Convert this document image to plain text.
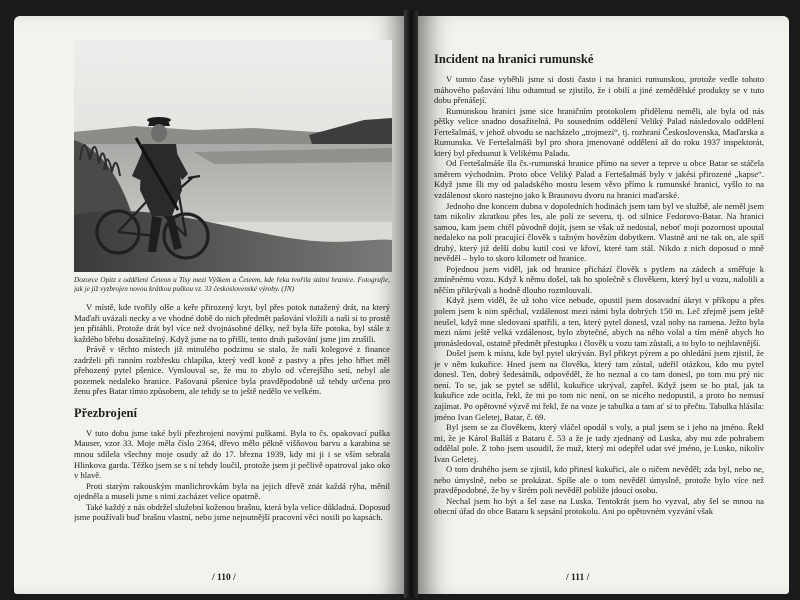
Dozorce Opitz z oddělení Četeon u Tisy mezi Výškem a Četeem, kde řeka tvořila státní hranice. Fotografie, jak je již vyzbrojen novou krátkou puškou vz. 33 československé výroby. (JN)

V místě, kde tvořily olše a keře přirozený kryt, byl přes potok natažený drát, na který Maďaři uvázali necky a ve vhodné době do nich předmět pašování vložili a naši si to prostě jen přitáhli. Protože drát byl více než dvojnásobné délky, než byla šíře potoka, byl stále z každého břehu dosažitelný. Když jsme na to přišli, tento druh pašování jsme jim zrušili.

Právě v těchto místech již minulého podzimu se stalo, že naši kolegové z finance zadrželi při ranním rozbřesku chlapíka, který vedl koně z pastvy a přes jeho hřbet měl přehozený pytel pšenice. Vymlouval se, že mu to zbylo od včerejšího setí, nebyl ale pozemek nedaleko hranice. Pašovaná pšenice byla pravděpodobně už tehdy určena pro ženu přes Batar tímto způsobem, ale tehdy se to ještě nedělo ve velkém.

Přezbrojení

V tuto dobu jsme také byli přezbrojeni novými puškami. Byla to čs. opakovací puška Mauser, vzor 33. Moje měla číslo 2364, dřevo mělo pěkně višňovou barvu a karabina se mnou sdílela všechny moje osudy až do 17. března 1939, kdy mi ji i se vším sebrala Hlinkova garda. Těžko jsem se s ní tehdy loučil, protože jsem ji pečlivě opatroval jako oko v hlavě.

Proti starým rakouským manlichrovkám byla na jejich dřevě znát každá rýha, měnil ojedněla a museli jsme s nimi zacházet velice opatrně.

Také každý z nás obdržel služební koženou brašnu, která byla velice důkladná. Doposud jsme používali buď brašnu vlastní, nebo jsme nejnutnější pracovní věci nosili po kapsách.

/ 110 /

Incident na hranici rumunské

V tomto čase vyběhli jsme si dosti často i na hranici rumunskou, protože vedle tohoto máhového pašování lihu odtamtud se zjistilo, že i obilí a jiné zemědělské produkty se v tuto dobu přenášejí.

Rumunskou hranici jsme sice hraničním protokolem přidělenu neměli, ale byla od nás pěšky velice snadno dosažitelná. Po sousedním oddělení Veliký Palad následovalo oddělení Fertešalmáš, v jehož obvodu se nacházelo „trojmezí“, tj. rozhraní Československa, Maďarska a Rumunska. Ve Fertešalmáši byl pro shora jmenované oddělení až do roku 1937 inspektorát, který byl předsunut k Velikému Paladu.

Od Fertešalmáše šla čs.-rumunská hranice přímo na sever a teprve u obce Batar se stáčela směrem východním. Proto obce Veliký Palad a Fertešalmáš byly v jakési přirozené „kapse“. Když jsme šli my od paladského mostu lesem věvo přímo k rumunské hranici, vyšlo to na vzdálenost skoro nastejno jako k Braunovu dvoru na hranici maďarské.

Jednoho dne koncem dubna v dopoledních hodinách jsem tam byl ve službě, ale neměl jsem tam nikoliv zkratkou přes les, ale polí ze severu, tj. od silnice Fedorovo-Batar. Na hranici samou, kam jsem chtěl původně dojít, jsem se však už nedostal, neboť moji pozornost upoutal nedaleko na poli pracující člověk s tažným hovězím dobytkem. Vlastně ani ne tak on, ale spíš druhý, který již delší dobu kutil cosi ve křoví, které tam stál. Nikdo z nich doposud o mně nevěděl – bylo to skoro kilometr od hranice.

Pojednou jsem viděl, jak od hranice přichází člověk s pytlem na zádech a směřuje k zmíněnému vozu. Když k němu došel, tak ho společně s člověkem, který byl u vozu, nalolili a něčím přikrývali a hodně dlouho rozmlouvali.

Když jsem viděl, že už toho více nebude, opustil jsem dosavadní úkryt v příkopu a přes polem jsem k nim spěchal, vzdálenost mezi námi byla dobrých 150 m. Leč zřejmě jsem ještě neušel, když mne sledovaní spatřili, a ten, který pytel donesl, vzal nohy na ramena. Ježto byla mezi námi ještě velká vzdálenost, bylo zbytečné, abych na něho volal a tím méně abych ho pronásledoval, ostatně předmět přestupku i člověk u vozu tam zůstali, a to bylo to nejhlavnější.

Došel jsem k místu, kde byl pytel ukrýván. Byl přikryt pýrem a po ohledání jsem zjistil, že je v něm kukuřice. Hned jsem na člověka, který tam zůstal, udeřil otázkou, kdo mu pytel donesl. Ten, dobrý šedesátník, odpověděl, že ho neznal a co tam donesl, po tom mu prý nic není. To se, jak se pytel se sdělil, kukuřice ukrýval, zapřel. Když jsem se ho ptal, jak ta kukuřice zde ocitla, řekl, že mi po tom nic není, on se nicého nedopustil, a proto ho nemusí zajímat. Po opětovné výzvě mi řekl, že na voze je tabulka a tam ať si to přečtu. Tabulka hlásila: jméno Ivan Geletej, Batar, č. 69.

Byl jsem se za člověkem, který vláčel opodál s voly, a ptal jsem se i jeho na jméno. Řekl mi, že je Károl Balláš z Bataru č. 53 a že je tady zjednaný od Luska, aby mu zde pohrabem oddělal pole. Z toho jsem usoudil, že muž, který mi odepřel udat své jméno, je Lusko, nikoliv Ivan Geletej.

O tom druhého jsem se zjistil, kdo přinesl kukuřici, ale o ničem nevěděl; zda byl, nebo ne, nebo úmyslně, nebo se prokázat. Spíše ale o tom nevěděl úmyslně, protože bylo více než pravděpodobné, že by v širém poli nevěděl pobliže jdoucí osobu.

Nechal jsem ho být a šel zase na Luska. Tentokrát jsem ho vyzval, aby šel se mnou na obecní úřad do obce Bataru k sepsání protokolu. Ani po opětovném vyzvání však

/ 111 /
